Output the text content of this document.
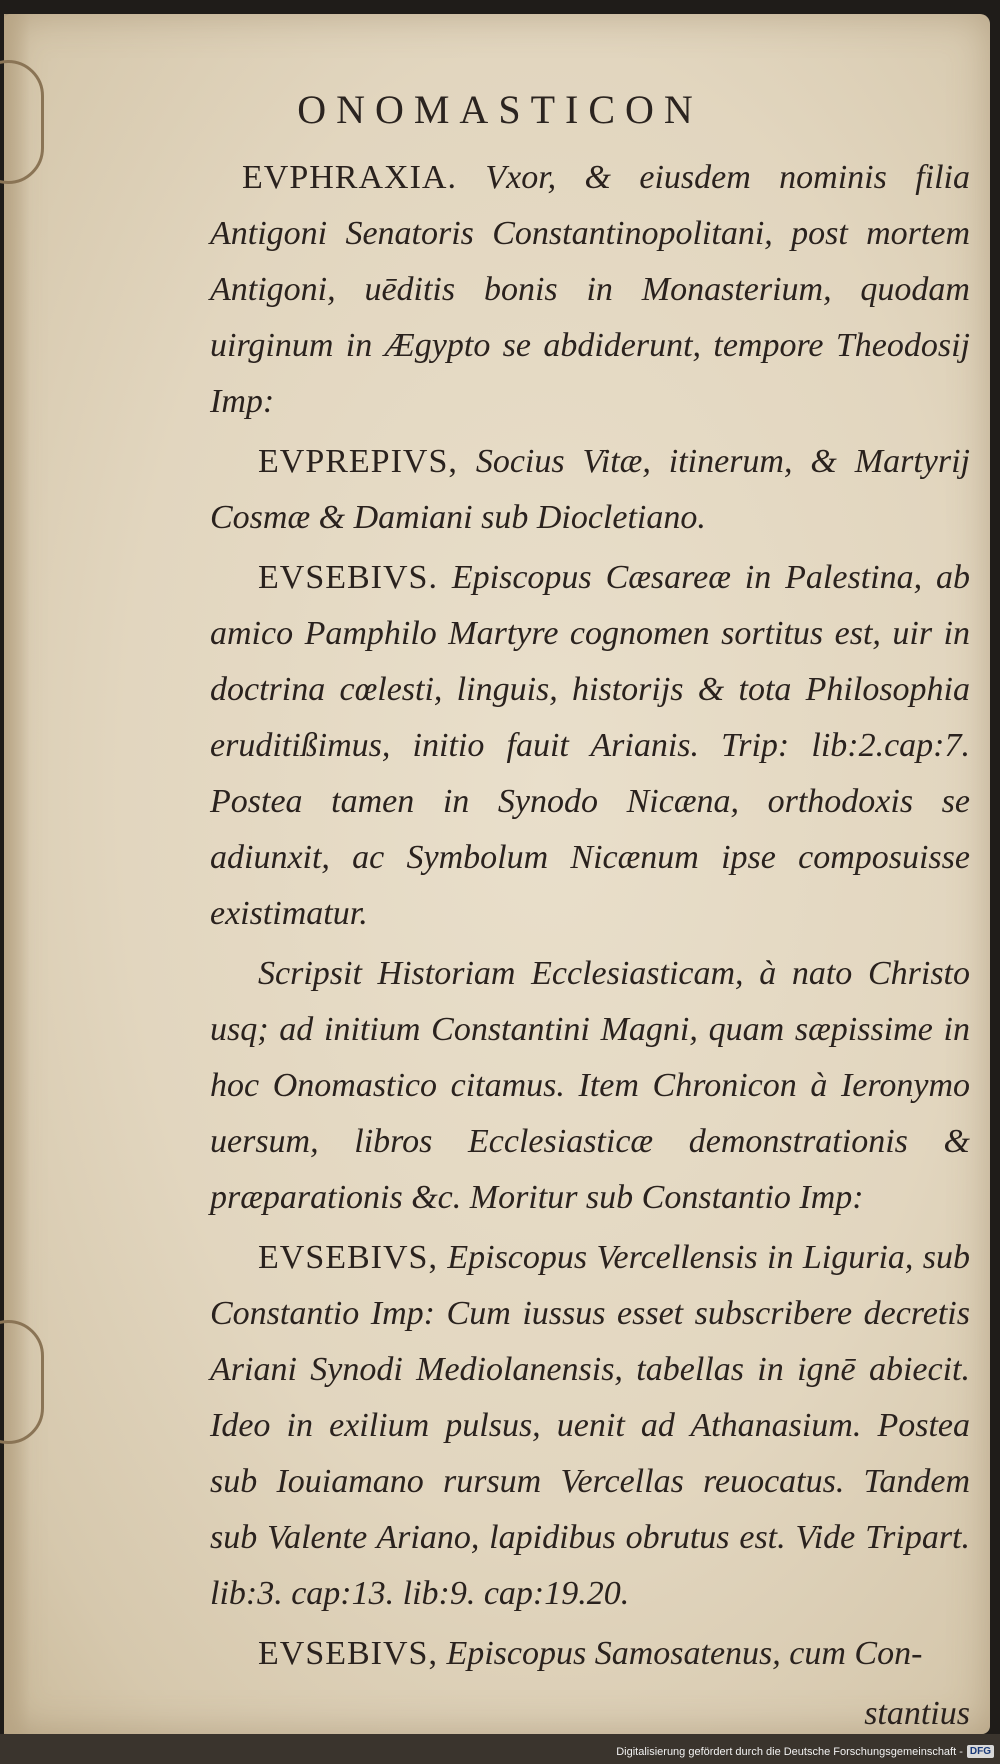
ONOMASTICON

EVPHRAXIA. Vxor, & eiusdem nominis filia Antigoni Senatoris Constantinopolitani, post mortem Antigoni, uēditis bonis in Monasterium, quodam uirginum in Ægypto se abdiderunt, tempore Theodosij Imp:

EVPREPIVS, Socius Vitæ, itinerum, & Martyrij Cosmæ & Damiani sub Diocletiano.

EVSEBIVS. Episcopus Cæsareæ in Palestina, ab amico Pamphilo Martyre cognomen sortitus est, uir in doctrina cœlesti, linguis, historijs & tota Philosophia eruditißimus, initio fauit Arianis. Trip: lib:2.cap:7. Postea tamen in Synodo Nicæna, orthodoxis se adiunxit, ac Symbolum Nicænum ipse composuisse existimatur.

Scripsit Historiam Ecclesiasticam, à nato Christo usq; ad initium Constantini Magni, quam sæpissime in hoc Onomastico citamus. Item Chronicon à Ieronymo uersum, libros Ecclesiasticæ demonstrationis & præparationis &c. Moritur sub Constantio Imp:

EVSEBIVS, Episcopus Vercellensis in Liguria, sub Constantio Imp: Cum iussus esset subscribere decretis Ariani Synodi Mediolanensis, tabellas in ignē abiecit. Ideo in exilium pulsus, uenit ad Athanasium. Postea sub Iouiamano rursum Vercellas reuocatus. Tandem sub Valente Ariano, lapidibus obrutus est. Vide Tripart. lib:3. cap:13. lib:9. cap:19.20.

EVSEBIVS, Episcopus Samosatenus, cum Con-

stantius
Digitalisierung gefördert durch die Deutsche Forschungsgemeinschaft - DFG
